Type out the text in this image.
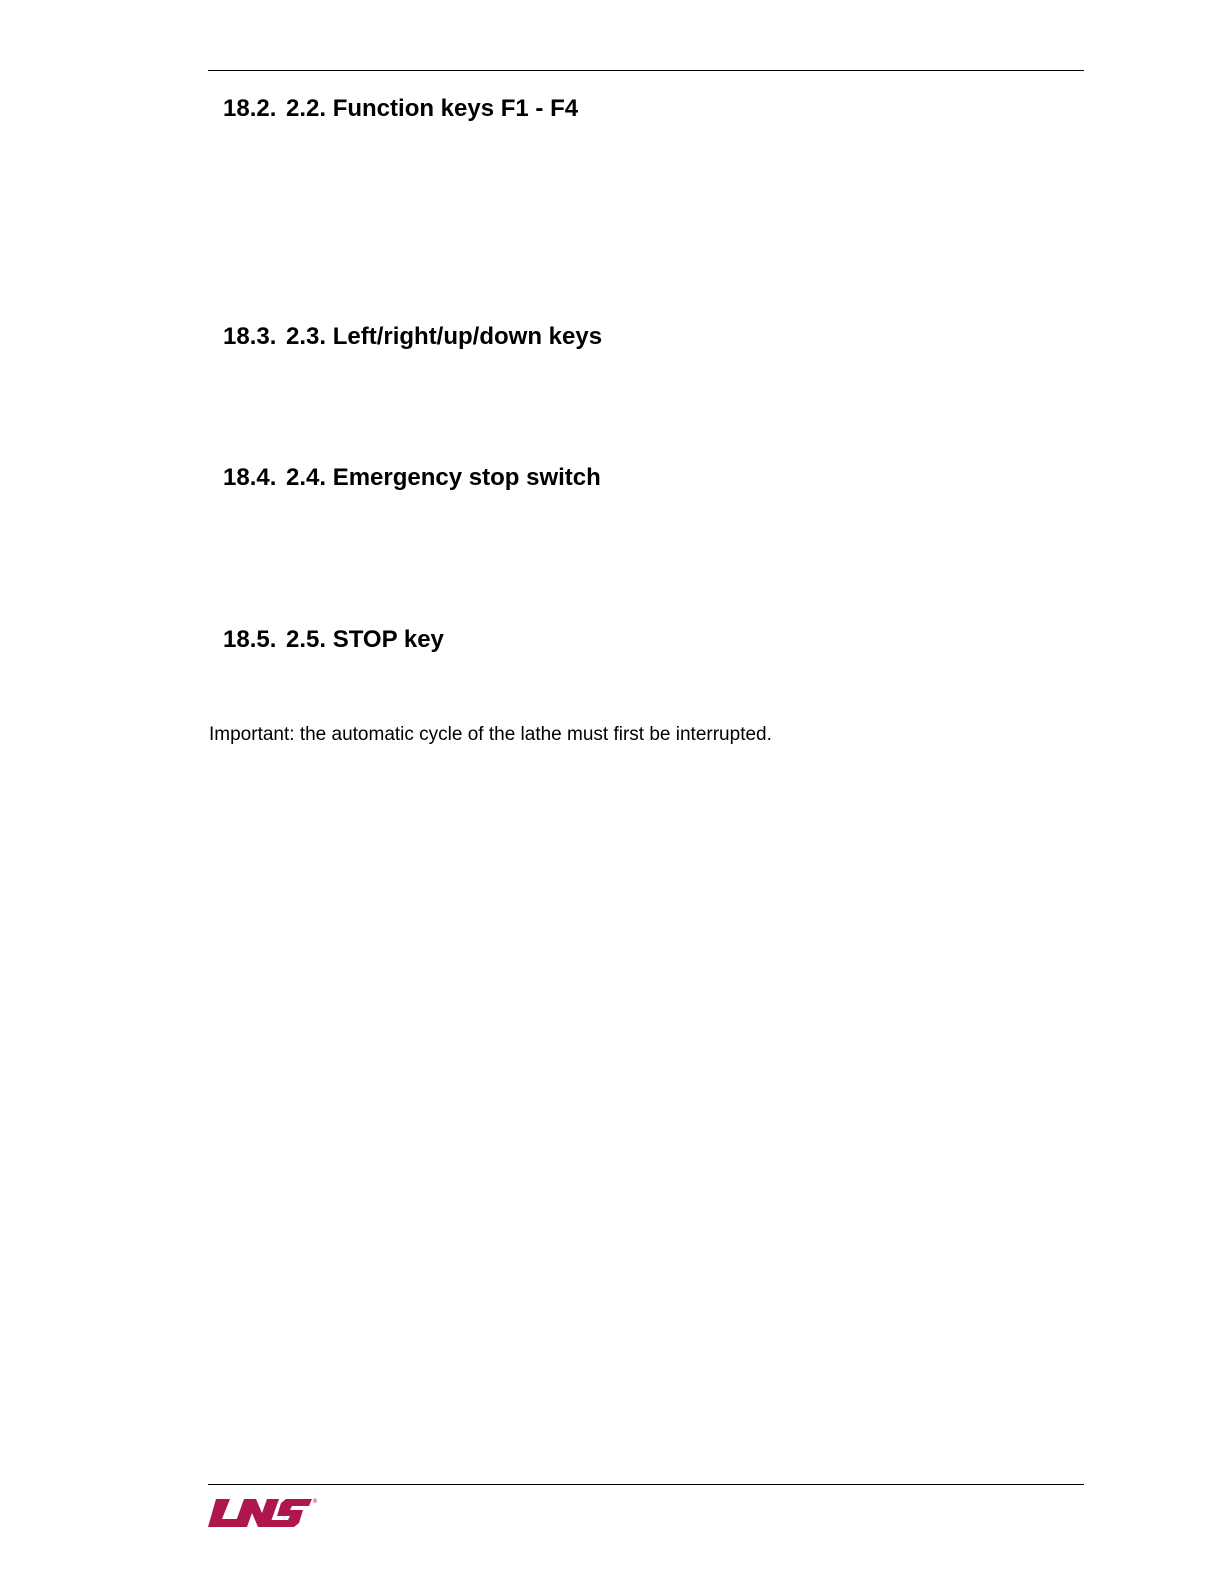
18.2. 2.2. Function keys F1 - F4
18.3. 2.3. Left/right/up/down keys
18.4. 2.4. Emergency stop switch
18.5. 2.5. STOP key

Important: the automatic cycle of the lathe must first be interrupted.

®
